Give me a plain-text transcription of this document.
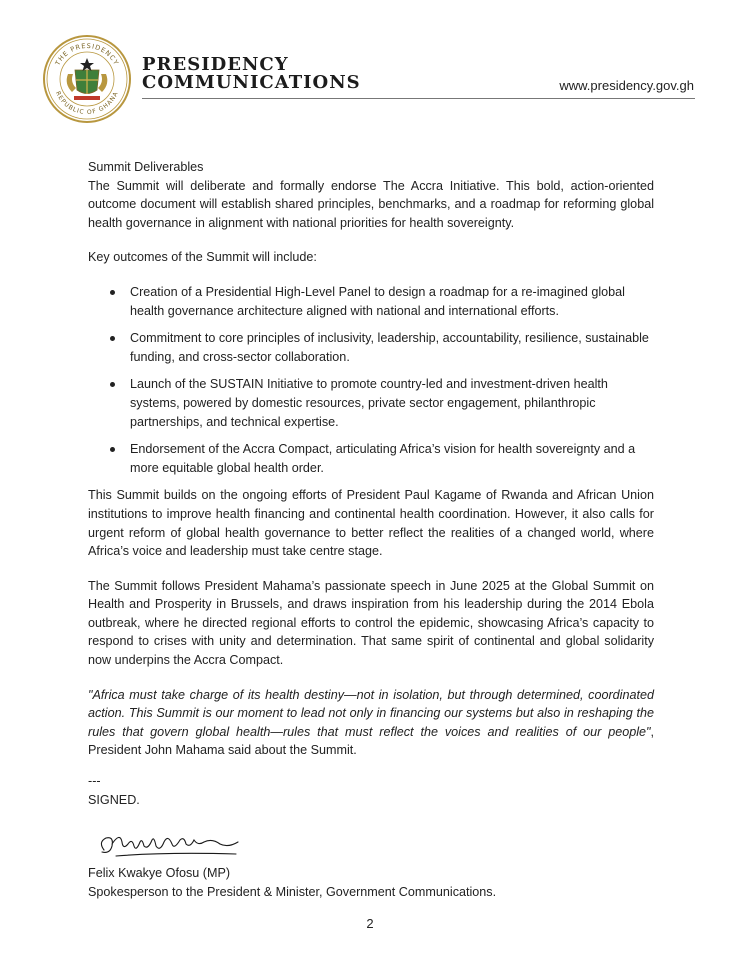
THE PRESIDENCY
REPUBLIC OF GHANA
PRESIDENCY
COMMUNICATIONS	www.presidency.gov.gh

Summit Deliverables

The Summit will deliberate and formally endorse The Accra Initiative. This bold, action-oriented outcome document will establish shared principles, benchmarks, and a roadmap for reforming global health governance in alignment with national priorities for health sovereignty.

Key outcomes of the Summit will include:

Creation of a Presidential High-Level Panel to design a roadmap for a re-imagined global health governance architecture aligned with national and international efforts.
Commitment to core principles of inclusivity, leadership, accountability, resilience, sustainable funding, and cross-sector collaboration.
Launch of the SUSTAIN Initiative to promote country-led and investment-driven health systems, powered by domestic resources, private sector engagement, philanthropic partnerships, and technical expertise.
Endorsement of the Accra Compact, articulating Africa’s vision for health sovereignty and a more equitable global health order.

This Summit builds on the ongoing efforts of President Paul Kagame of Rwanda and African Union institutions to improve health financing and continental health coordination. However, it also calls for urgent reform of global health governance to better reflect the realities of a changed world, where Africa’s voice and leadership must take centre stage.

The Summit follows President Mahama’s passionate speech in June 2025 at the Global Summit on Health and Prosperity in Brussels, and draws inspiration from his leadership during the 2014 Ebola outbreak, where he directed regional efforts to control the epidemic, showcasing Africa’s capacity to respond to crises with unity and determination. That same spirit of continental and global solidarity now underpins the Accra Compact.

"Africa must take charge of its health destiny—not in isolation, but through determined, coordinated action. This Summit is our moment to lead not only in financing our systems but also in reshaping the rules that govern global health—rules that must reflect the voices and realities of our people", President John Mahama said about the Summit.

---
SIGNED.
Felix Kwakye Ofosu (MP)
Spokesperson to the President & Minister, Government Communications.
2
